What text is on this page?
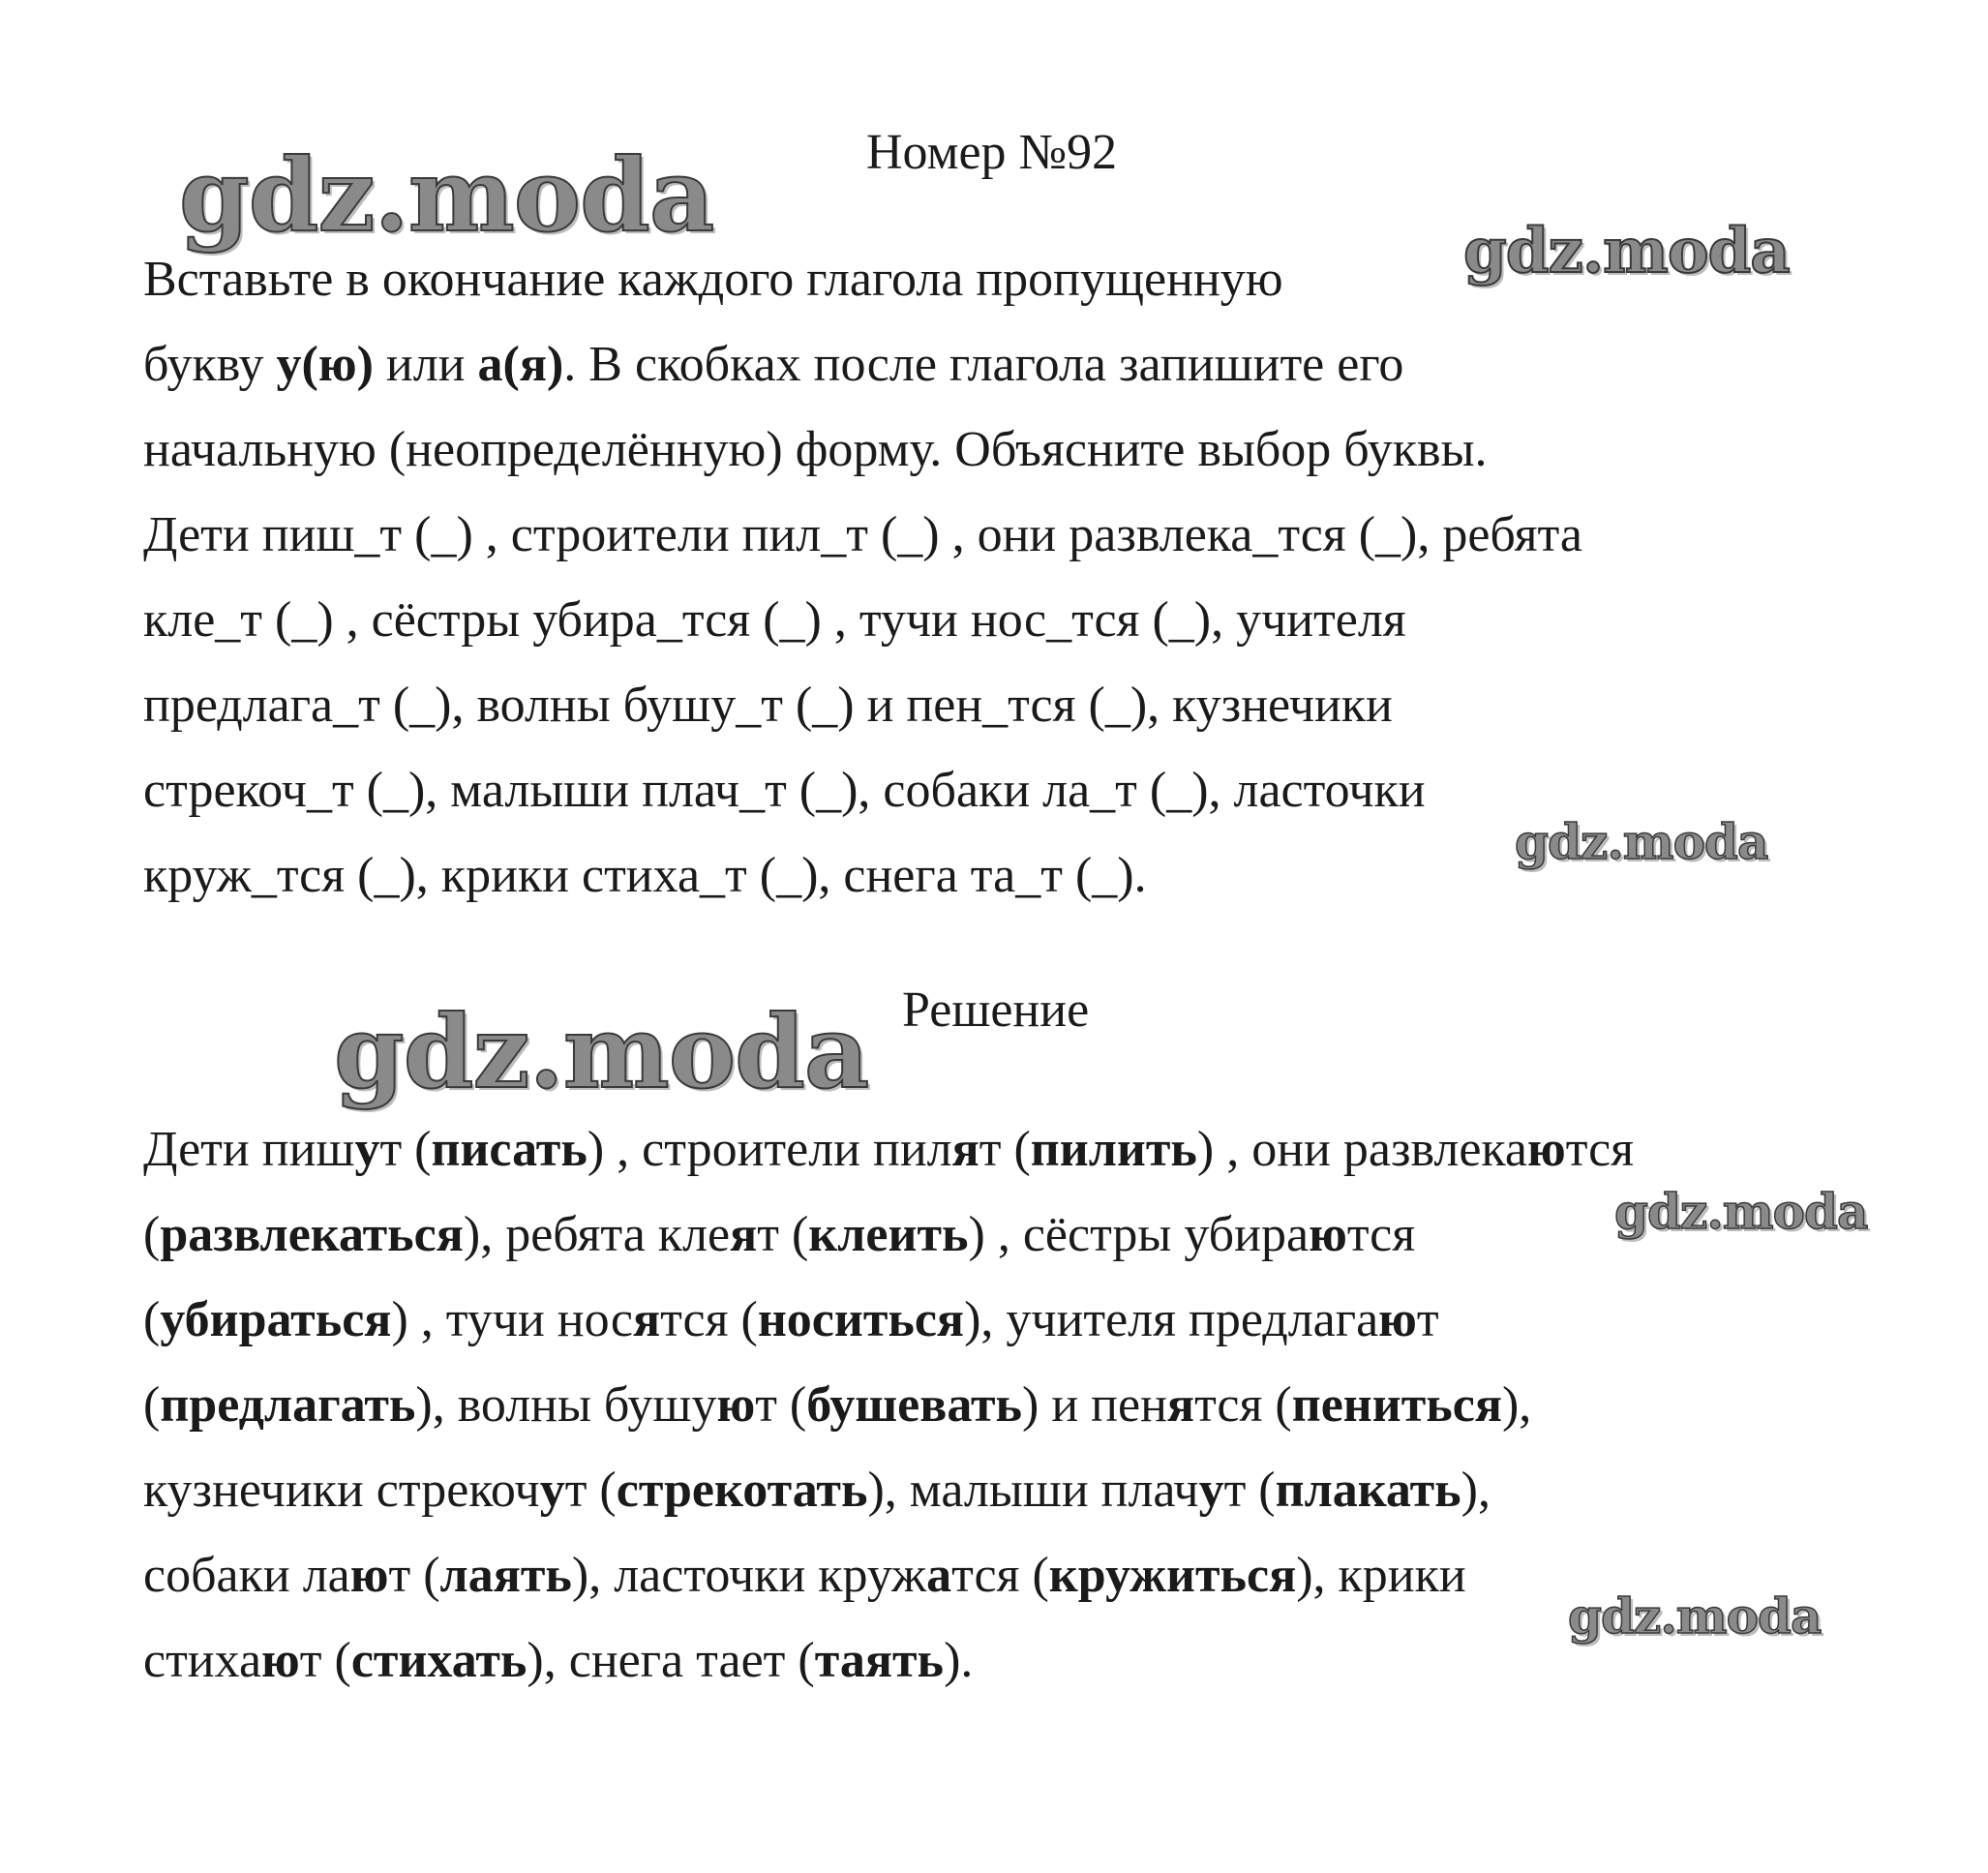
Номер №92
Вставьте в окончание каждого глагола пропущенную
букву у(ю) или а(я). В скобках после глагола запишите его
начальную (неопределённую) форму. Объясните выбор буквы.
Дети пиш_т (_) , строители пил_т (_) , они развлека_тся (_), ребята
кле_т (_) , сёстры убира_тся (_) , тучи нос_тся (_), учителя
предлага_т (_), волны бушу_т (_) и пен_тся (_), кузнечики
стрекоч_т (_), малыши плач_т (_), собаки ла_т (_), ласточки
круж_тся (_), крики стиха_т (_), снега та_т (_).
Решение
Дети пишут (писать) , строители пилят (пилить) , они развлекаются
(развлекаться), ребята клеят (клеить) , сёстры убираются
(убираться) , тучи носятся (носиться), учителя предлагают
(предлагать), волны бушуют (бушевать) и пенятся (пениться),
кузнечики стрекочут (стрекотать), малыши плачут (плакать),
собаки лают (лаять), ласточки кружатся (кружиться), крики
стихают (стихать), снега тает (таять).
gdz.moda	gdz.moda
gdz.moda
gdz.moda
gdz.moda
gdz.moda
